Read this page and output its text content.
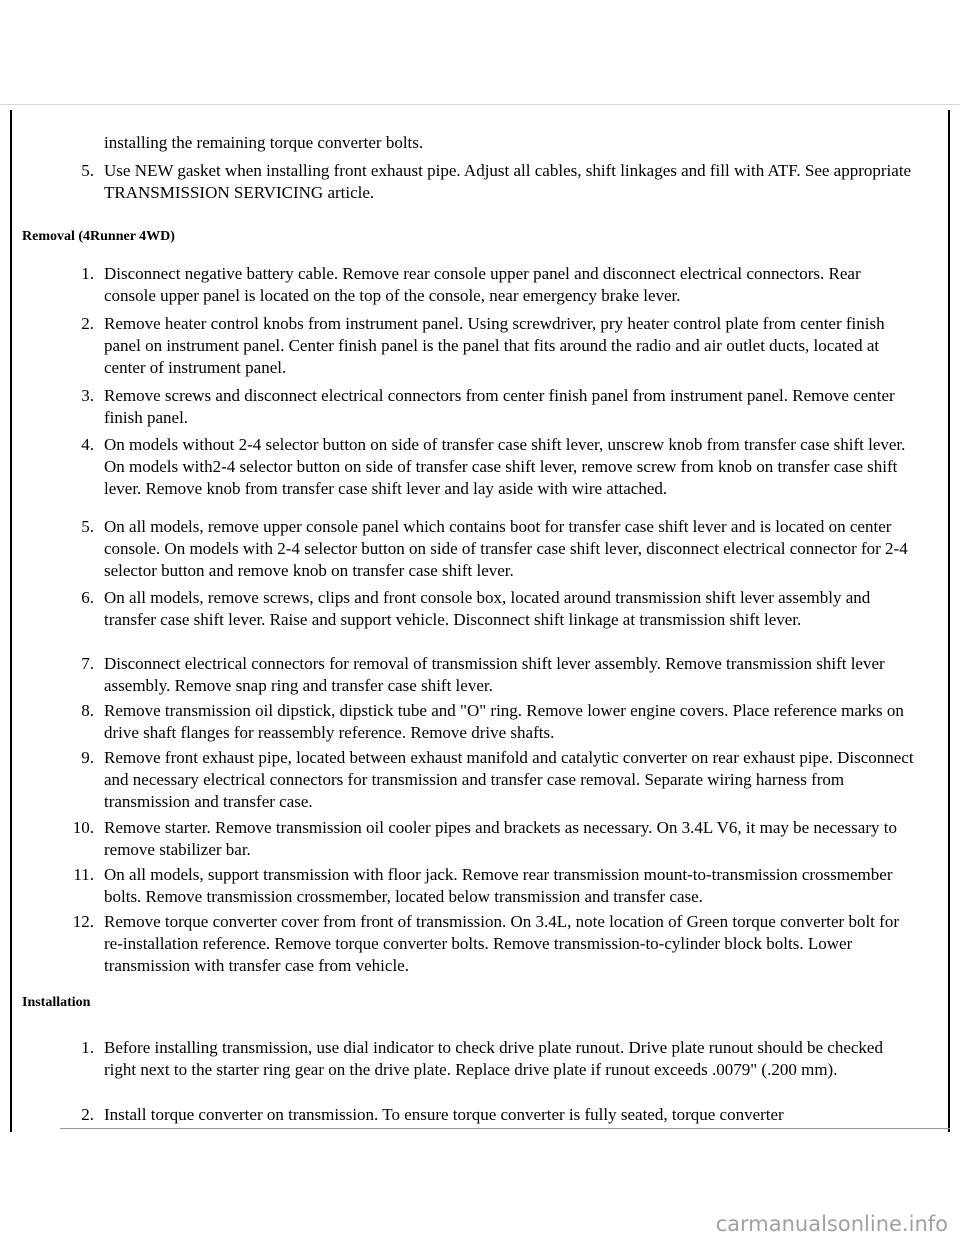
installing the remaining torque converter bolts.
5. Use NEW gasket when installing front exhaust pipe. Adjust all cables, shift linkages and fill with ATF. See appropriate TRANSMISSION SERVICING article.
Removal (4Runner 4WD)
1. Disconnect negative battery cable. Remove rear console upper panel and disconnect electrical connectors. Rear console upper panel is located on the top of the console, near emergency brake lever.
2. Remove heater control knobs from instrument panel. Using screwdriver, pry heater control plate from center finish panel on instrument panel. Center finish panel is the panel that fits around the radio and air outlet ducts, located at center of instrument panel.
3. Remove screws and disconnect electrical connectors from center finish panel from instrument panel. Remove center finish panel.
4. On models without 2-4 selector button on side of transfer case shift lever, unscrew knob from transfer case shift lever. On models with2-4 selector button on side of transfer case shift lever, remove screw from knob on transfer case shift lever. Remove knob from transfer case shift lever and lay aside with wire attached.
5. On all models, remove upper console panel which contains boot for transfer case shift lever and is located on center console. On models with 2-4 selector button on side of transfer case shift lever, disconnect electrical connector for 2-4 selector button and remove knob on transfer case shift lever.
6. On all models, remove screws, clips and front console box, located around transmission shift lever assembly and transfer case shift lever. Raise and support vehicle. Disconnect shift linkage at transmission shift lever.
7. Disconnect electrical connectors for removal of transmission shift lever assembly. Remove transmission shift lever assembly. Remove snap ring and transfer case shift lever.
8. Remove transmission oil dipstick, dipstick tube and "O" ring. Remove lower engine covers. Place reference marks on drive shaft flanges for reassembly reference. Remove drive shafts.
9. Remove front exhaust pipe, located between exhaust manifold and catalytic converter on rear exhaust pipe. Disconnect and necessary electrical connectors for transmission and transfer case removal. Separate wiring harness from transmission and transfer case.
10. Remove starter. Remove transmission oil cooler pipes and brackets as necessary. On 3.4L V6, it may be necessary to remove stabilizer bar.
11. On all models, support transmission with floor jack. Remove rear transmission mount-to-transmission crossmember bolts. Remove transmission crossmember, located below transmission and transfer case.
12. Remove torque converter cover from front of transmission. On 3.4L, note location of Green torque converter bolt for re-installation reference. Remove torque converter bolts. Remove transmission-to-cylinder block bolts. Lower transmission with transfer case from vehicle.
Installation
1. Before installing transmission, use dial indicator to check drive plate runout. Drive plate runout should be checked right next to the starter ring gear on the drive plate. Replace drive plate if runout exceeds .0079" (.200 mm).
2. Install torque converter on transmission. To ensure torque converter is fully seated, torque converter
carmanualsonline.info
